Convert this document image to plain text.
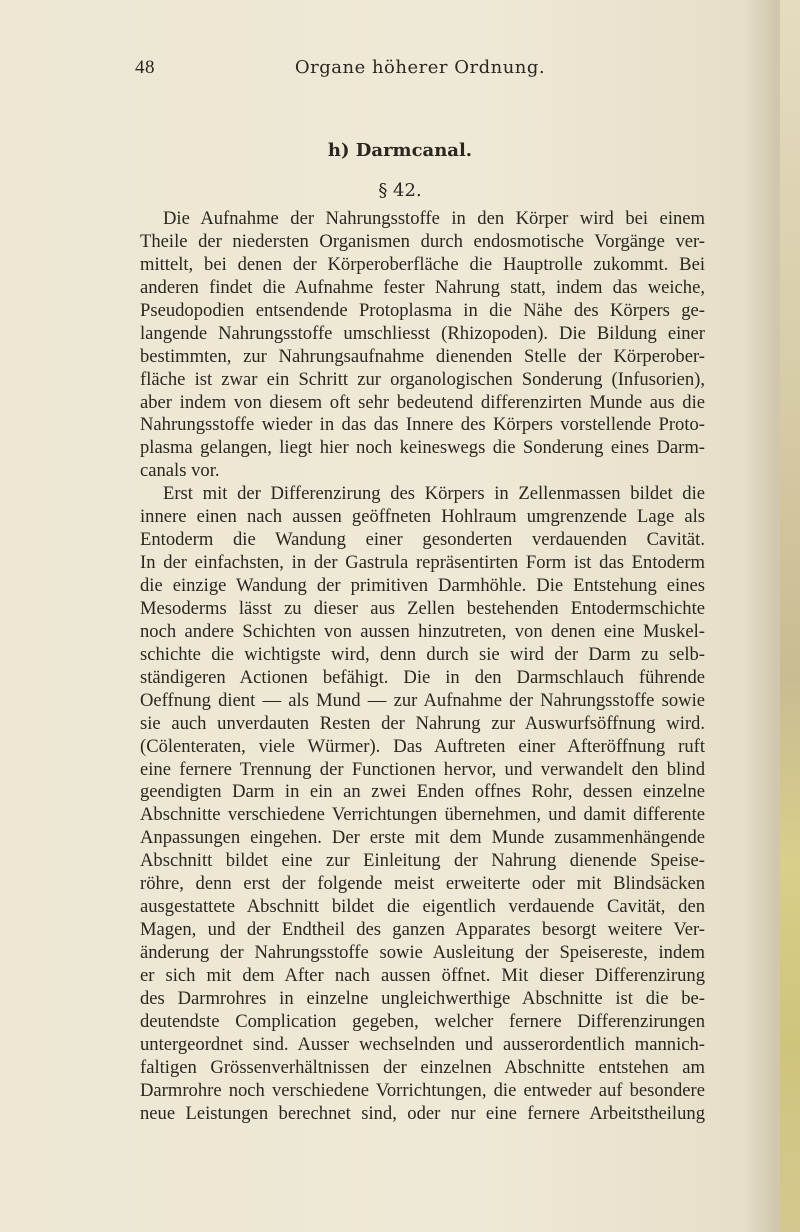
48	Organe höherer Ordnung.
h) Darmcanal.
§ 42.
Die Aufnahme der Nahrungsstoffe in den Körper wird bei einem
Theile der niedersten Organismen durch endosmotische Vorgänge ver-
mittelt, bei denen der Körperoberfläche die Hauptrolle zukommt. Bei
anderen findet die Aufnahme fester Nahrung statt, indem das weiche,
Pseudopodien entsendende Protoplasma in die Nähe des Körpers ge-
langende Nahrungsstoffe umschliesst (Rhizopoden). Die Bildung einer
bestimmten, zur Nahrungsaufnahme dienenden Stelle der Körperober-
fläche ist zwar ein Schritt zur organologischen Sonderung (Infusorien),
aber indem von diesem oft sehr bedeutend differenzirten Munde aus die
Nahrungsstoffe wieder in das das Innere des Körpers vorstellende Proto-
plasma gelangen, liegt hier noch keineswegs die Sonderung eines Darm-
canals vor.
Erst mit der Differenzirung des Körpers in Zellenmassen bildet die
innere einen nach aussen geöffneten Hohlraum umgrenzende Lage als
Entoderm die Wandung einer gesonderten verdauenden Cavität.
In der einfachsten, in der Gastrula repräsentirten Form ist das Entoderm
die einzige Wandung der primitiven Darmhöhle. Die Entstehung eines
Mesoderms lässt zu dieser aus Zellen bestehenden Entodermschichte
noch andere Schichten von aussen hinzutreten, von denen eine Muskel-
schichte die wichtigste wird, denn durch sie wird der Darm zu selb-
ständigeren Actionen befähigt. Die in den Darmschlauch führende
Oeffnung dient — als Mund — zur Aufnahme der Nahrungsstoffe sowie
sie auch unverdauten Resten der Nahrung zur Auswurfsöffnung wird.
(Cölenteraten, viele Würmer). Das Auftreten einer Afteröffnung ruft
eine fernere Trennung der Functionen hervor, und verwandelt den blind
geendigten Darm in ein an zwei Enden offnes Rohr, dessen einzelne
Abschnitte verschiedene Verrichtungen übernehmen, und damit differente
Anpassungen eingehen. Der erste mit dem Munde zusammenhängende
Abschnitt bildet eine zur Einleitung der Nahrung dienende Speise-
röhre, denn erst der folgende meist erweiterte oder mit Blindsäcken
ausgestattete Abschnitt bildet die eigentlich verdauende Cavität, den
Magen, und der Endtheil des ganzen Apparates besorgt weitere Ver-
änderung der Nahrungsstoffe sowie Ausleitung der Speisereste, indem
er sich mit dem After nach aussen öffnet. Mit dieser Differenzirung
des Darmrohres in einzelne ungleichwerthige Abschnitte ist die be-
deutendste Complication gegeben, welcher fernere Differenzirungen
untergeordnet sind. Ausser wechselnden und ausserordentlich mannich-
faltigen Grössenverhältnissen der einzelnen Abschnitte entstehen am
Darmrohre noch verschiedene Vorrichtungen, die entweder auf besondere
neue Leistungen berechnet sind, oder nur eine fernere Arbeitstheilung
